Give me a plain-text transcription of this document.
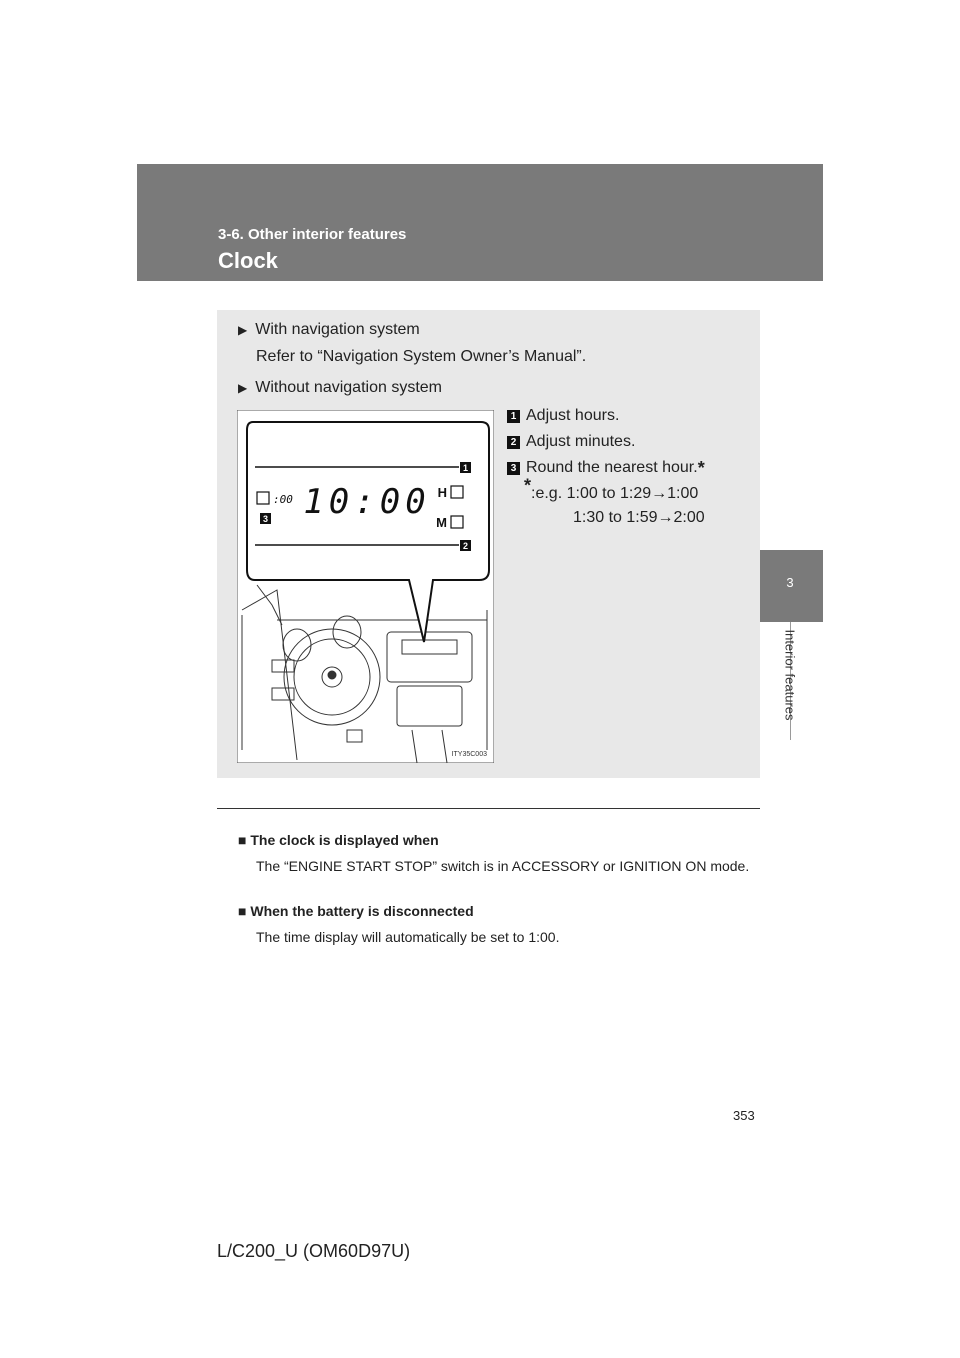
3-6. Other interior features
Clock
3
Interior features
▶ With navigation system
Refer to “Navigation System Owner’s Manual”.
▶ Without navigation system
1 Adjust hours.
2 Adjust minutes.
3 Round the nearest hour. *
*:e.g. 1:00 to 1:29→1:00
1:30 to 1:59→2:00
1
2
3
:00 10:00 H
M
ITY35C003
■ The clock is displayed when
The “ENGINE START STOP” switch is in ACCESSORY or IGNITION ON mode.
■ When the battery is disconnected
The time display will automatically be set to 1:00.
353
L/C200_U (OM60D97U)
